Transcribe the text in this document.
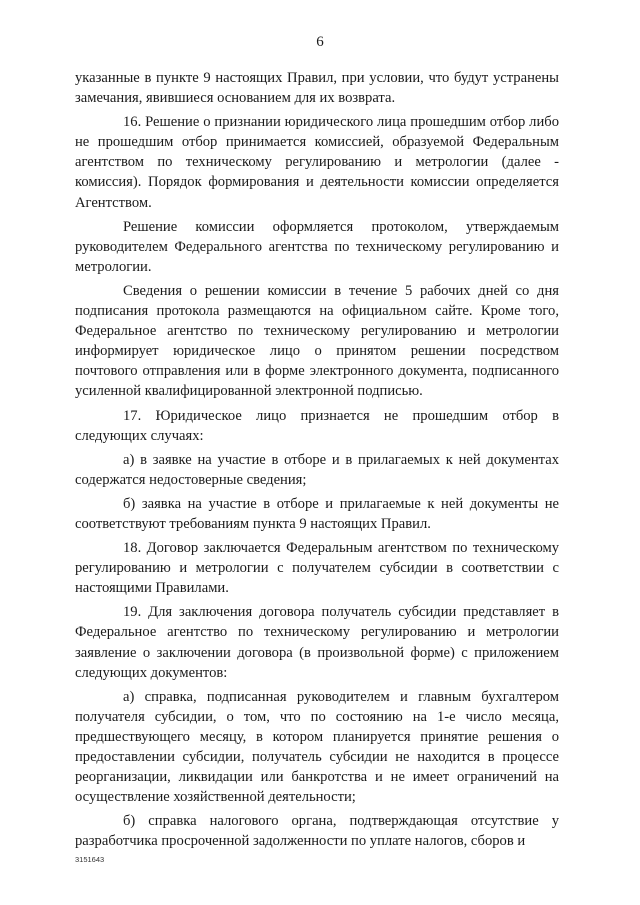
6

указанные в пункте 9 настоящих Правил, при условии, что будут устранены замечания, явившиеся основанием для их возврата.

16. Решение о признании юридического лица прошедшим отбор либо не прошедшим отбор принимается комиссией, образуемой Федеральным агентством по техническому регулированию и метрологии (далее - комиссия). Порядок формирования и деятельности комиссии определяется Агентством.

Решение комиссии оформляется протоколом, утверждаемым руководителем Федерального агентства по техническому регулированию и метрологии.

Сведения о решении комиссии в течение 5 рабочих дней со дня подписания протокола размещаются на официальном сайте. Кроме того, Федеральное агентство по техническому регулированию и метрологии информирует юридическое лицо о принятом решении посредством почтового отправления или в форме электронного документа, подписанного усиленной квалифицированной электронной подписью.

17. Юридическое лицо признается не прошедшим отбор в следующих случаях:

а) в заявке на участие в отборе и в прилагаемых к ней документах содержатся недостоверные сведения;

б) заявка на участие в отборе и прилагаемые к ней документы не соответствуют требованиям пункта 9 настоящих Правил.

18. Договор заключается Федеральным агентством по техническому регулированию и метрологии с получателем субсидии в соответствии с настоящими Правилами.

19. Для заключения договора получатель субсидии представляет в Федеральное агентство по техническому регулированию и метрологии заявление о заключении договора (в произвольной форме) с приложением следующих документов:

а) справка, подписанная руководителем и главным бухгалтером получателя субсидии, о том, что по состоянию на 1-е число месяца, предшествующего месяцу, в котором планируется принятие решения о предоставлении субсидии, получатель субсидии не находится в процессе реорганизации, ликвидации или банкротства и не имеет ограничений на осуществление хозяйственной деятельности;

б) справка налогового органа, подтверждающая отсутствие у разработчика просроченной задолженности по уплате налогов, сборов и

3151643
